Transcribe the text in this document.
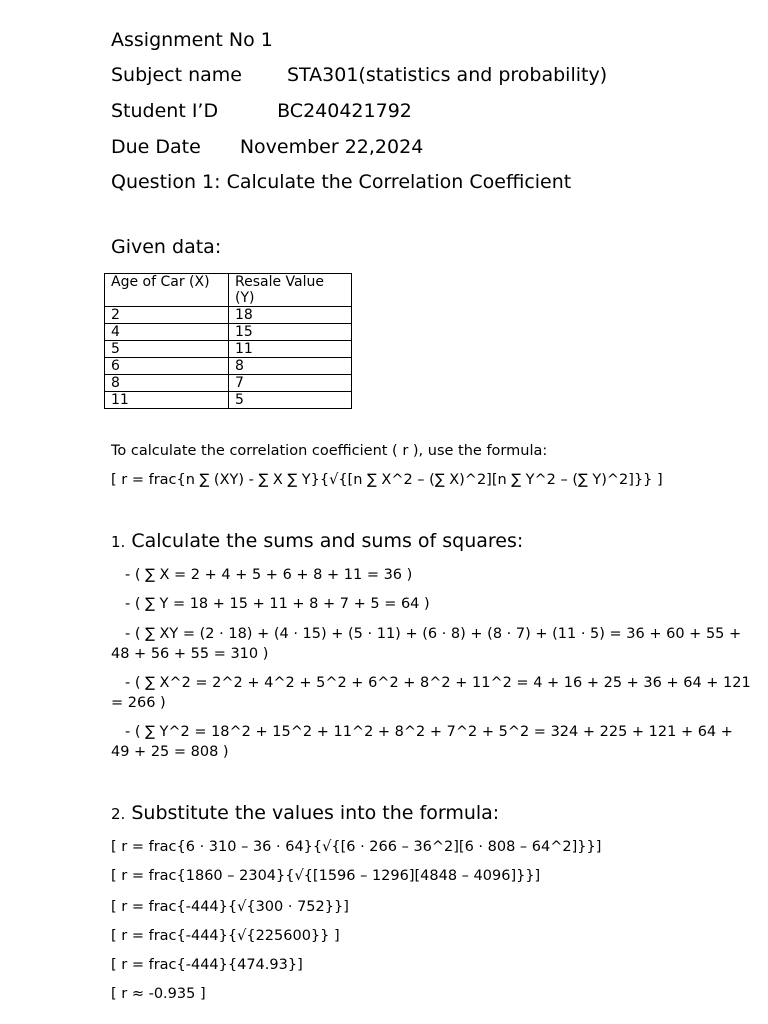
Assignment No 1
Subject name STA301(statistics and probability)
Student I’D	BC240421792
Due Date November 22,2024
Question 1: Calculate the Correlation Coefficient
Given data:
Age of Car (X)	Resale Value (Y)
2	18
4	15
5	11
6	8
8	7
11	5
To calculate the correlation coefficient ( r ), use the formula:
[ r = frac{n ∑ (XY) - ∑ X ∑ Y}{√{[n ∑ X^2 – (∑ X)^2][n ∑ Y^2 – (∑ Y)^2]}} ]
1. Calculate the sums and sums of squares:
- ( ∑ X = 2 + 4 + 5 + 6 + 8 + 11 = 36 )
- ( ∑ Y = 18 + 15 + 11 + 8 + 7 + 5 = 64 )
- ( ∑ XY = (2 · 18) + (4 · 15) + (5 · 11) + (6 · 8) + (8 · 7) + (11 · 5) = 36 + 60 + 55 + 48 + 56 + 55 = 310 )
- ( ∑ X^2 = 2^2 + 4^2 + 5^2 + 6^2 + 8^2 + 11^2 = 4 + 16 + 25 + 36 + 64 + 121 = 266 )
- ( ∑ Y^2 = 18^2 + 15^2 + 11^2 + 8^2 + 7^2 + 5^2 = 324 + 225 + 121 + 64 + 49 + 25 = 808 )
2. Substitute the values into the formula:
[ r = frac{6 · 310 – 36 · 64}{√{[6 · 266 – 36^2][6 · 808 – 64^2]}}]
[ r = frac{1860 – 2304}{√{[1596 – 1296][4848 – 4096]}}]
[ r = frac{-444}{√{300 · 752}}]
[ r = frac{-444}{√{225600}} ]
[ r = frac{-444}{474.93}]
[ r ≈ -0.935 ]
